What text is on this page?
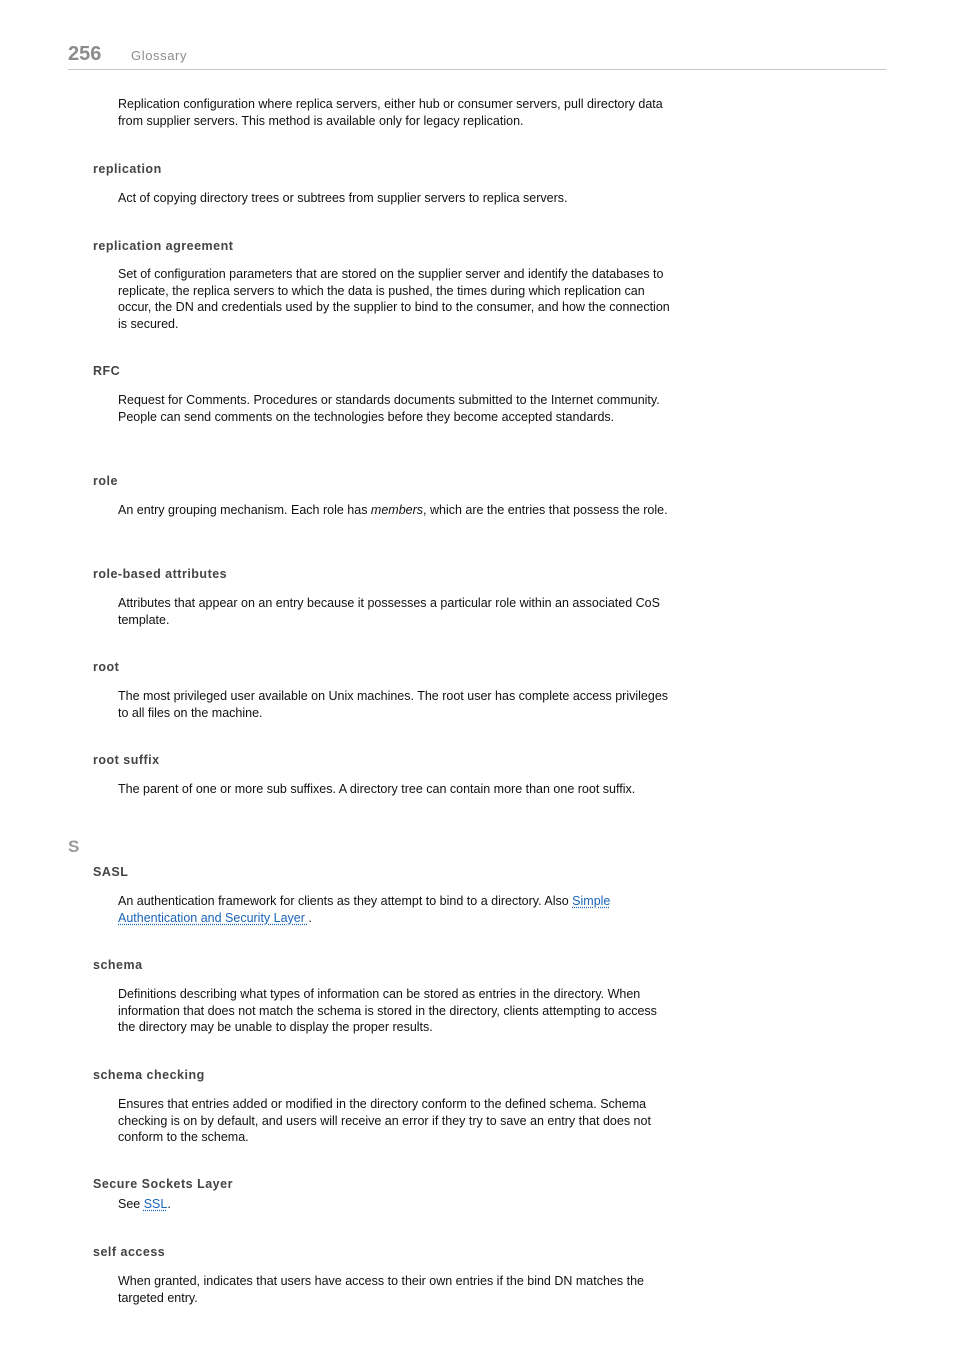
256 Glossary

Replication configuration where replica servers, either hub or consumer servers, pull directory data from supplier servers. This method is available only for legacy replication.

replication

Act of copying directory trees or subtrees from supplier servers to replica servers.

replication agreement

Set of configuration parameters that are stored on the supplier server and identify the databases to replicate, the replica servers to which the data is pushed, the times during which replication can occur, the DN and credentials used by the supplier to bind to the consumer, and how the connection is secured.

RFC

Request for Comments. Procedures or standards documents submitted to the Internet community. People can send comments on the technologies before they become accepted standards.

role

An entry grouping mechanism. Each role has members, which are the entries that possess the role.

role-based attributes

Attributes that appear on an entry because it possesses a particular role within an associated CoS template.

root

The most privileged user available on Unix machines. The root user has complete access privileges to all files on the machine.

root suffix

The parent of one or more sub suffixes. A directory tree can contain more than one root suffix.

S

SASL

An authentication framework for clients as they attempt to bind to a directory. Also Simple Authentication and Security Layer .

schema

Definitions describing what types of information can be stored as entries in the directory. When information that does not match the schema is stored in the directory, clients attempting to access the directory may be unable to display the proper results.

schema checking

Ensures that entries added or modified in the directory conform to the defined schema. Schema checking is on by default, and users will receive an error if they try to save an entry that does not conform to the schema.

Secure Sockets Layer

See SSL.

self access

When granted, indicates that users have access to their own entries if the bind DN matches the targeted entry.
